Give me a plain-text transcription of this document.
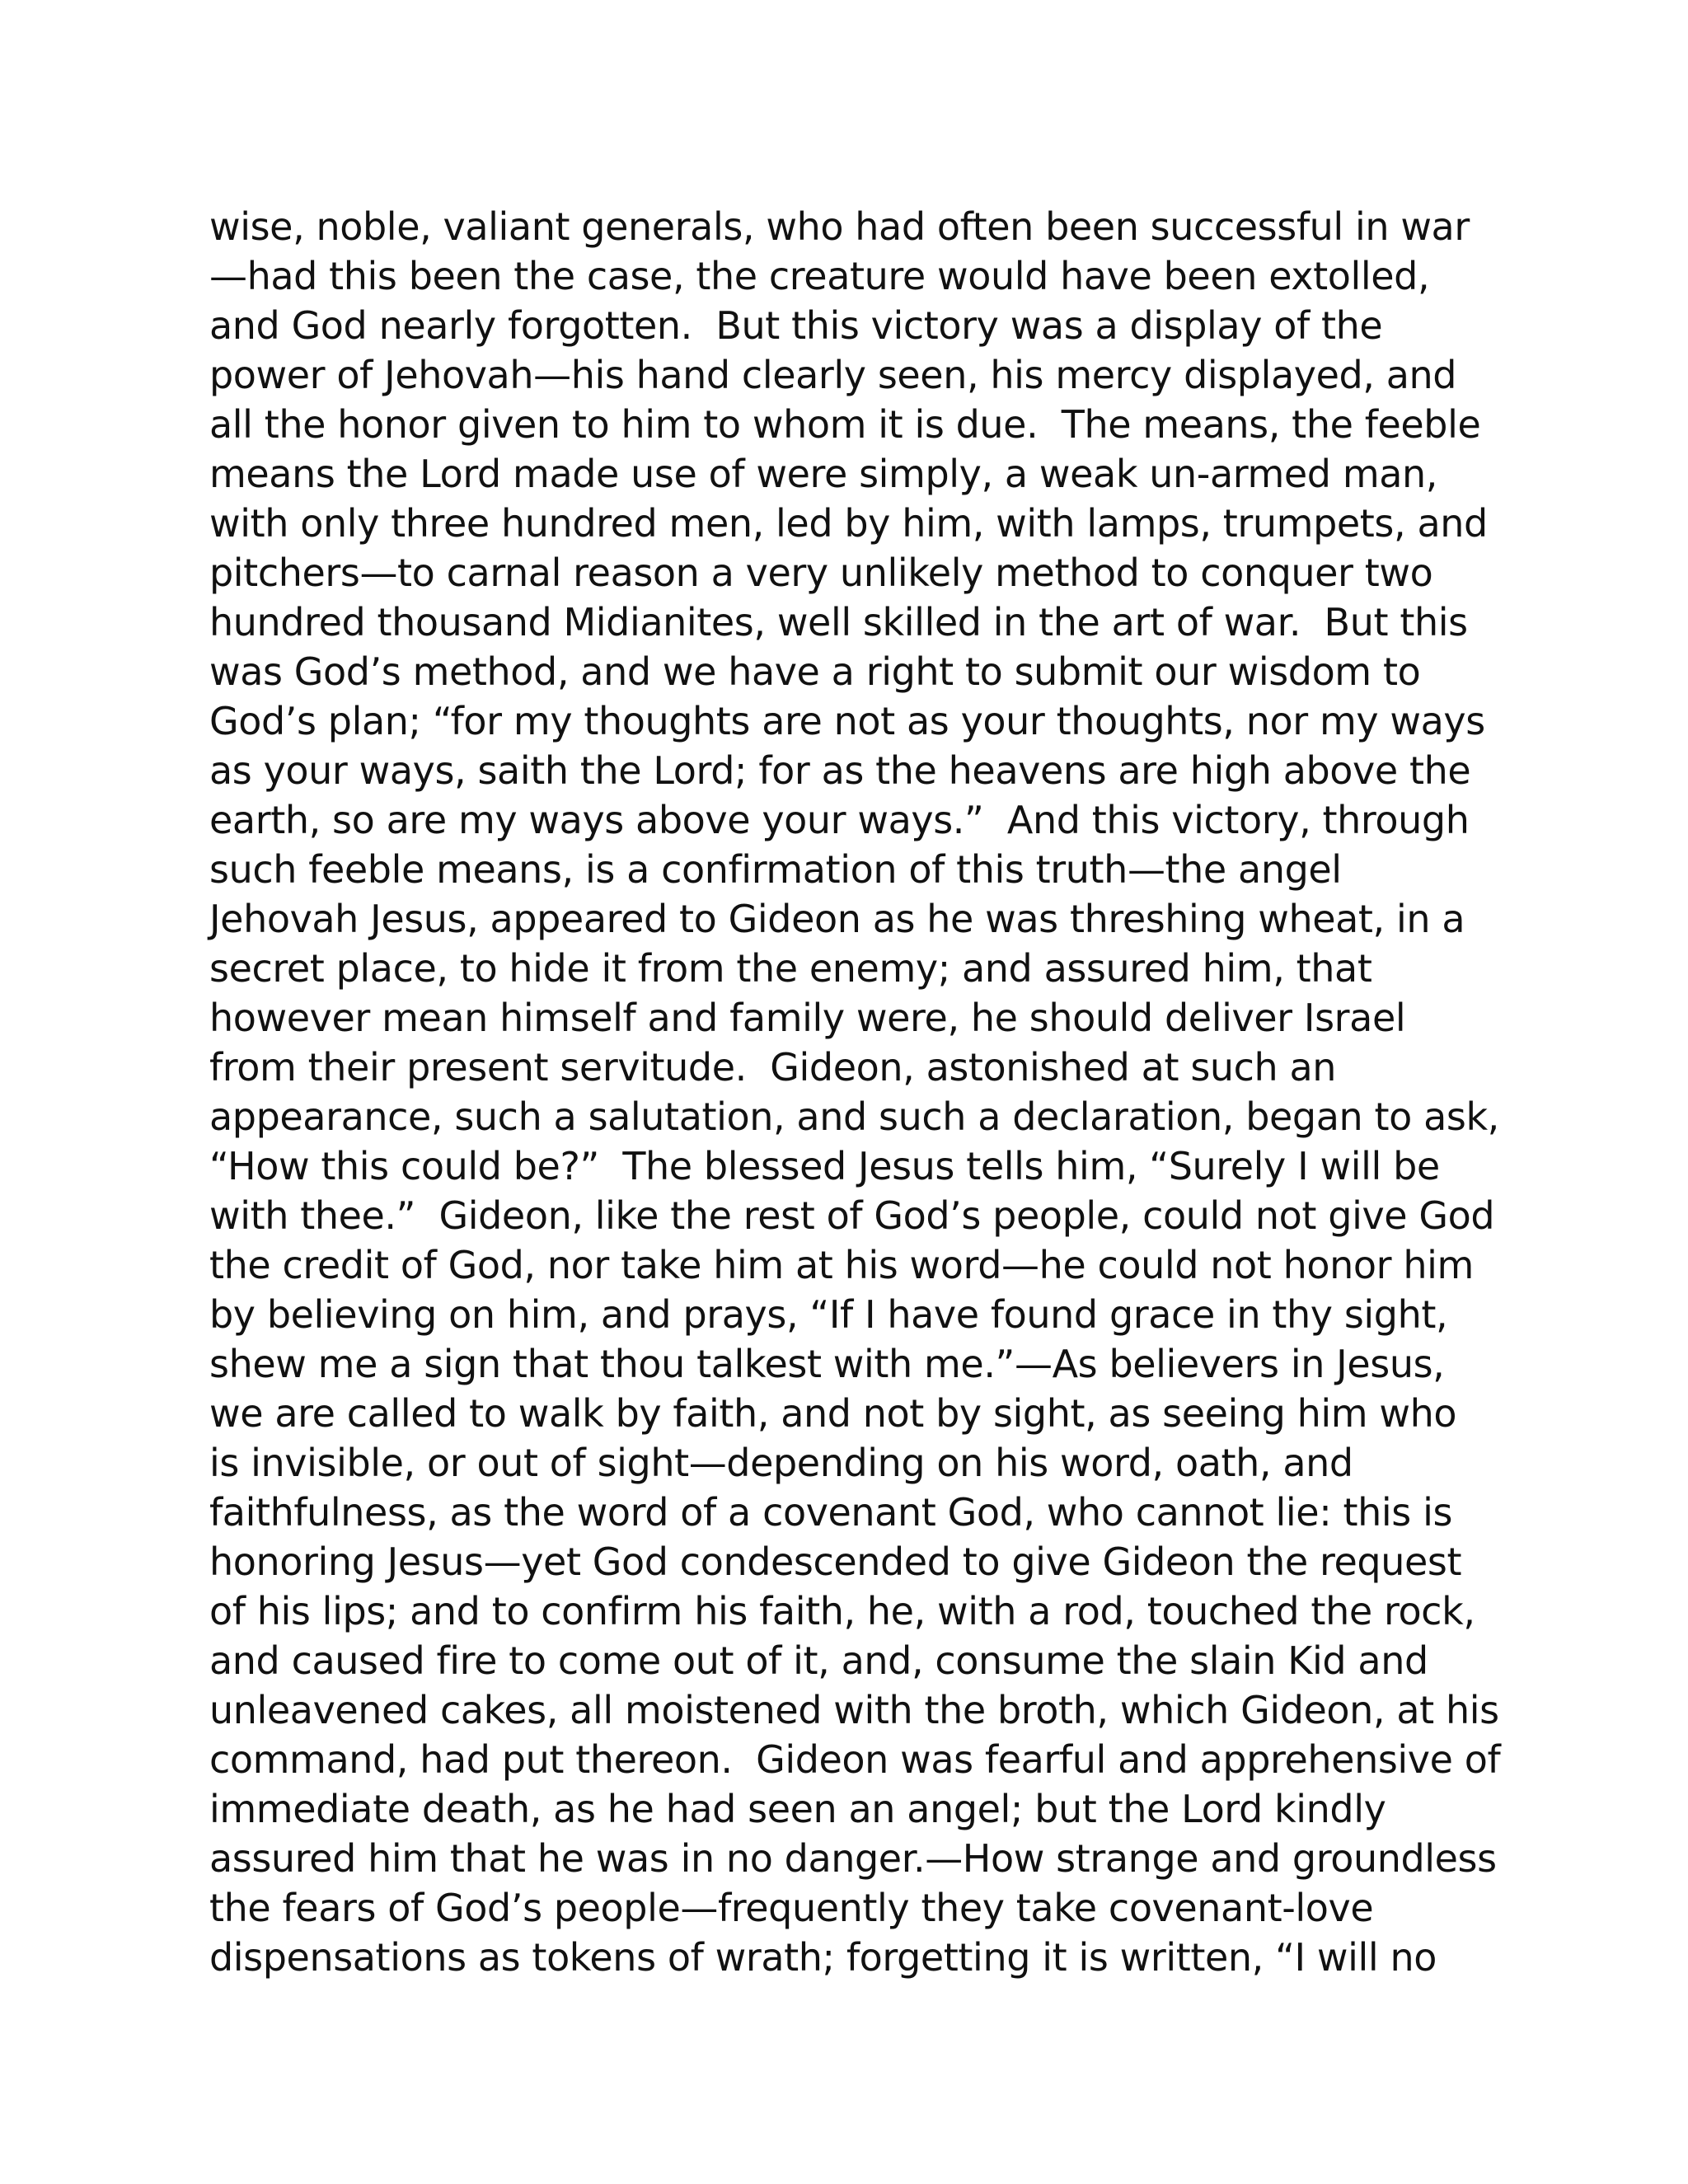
wise, noble, valiant generals, who had often been successful in war
—had this been the case, the creature would have been extolled,
and God nearly forgotten.  But this victory was a display of the
power of Jehovah—his hand clearly seen, his mercy displayed, and
all the honor given to him to whom it is due.  The means, the feeble
means the Lord made use of were simply, a weak un-armed man,
with only three hundred men, led by him, with lamps, trumpets, and
pitchers—to carnal reason a very unlikely method to conquer two
hundred thousand Midianites, well skilled in the art of war.  But this
was God’s method, and we have a right to submit our wisdom to
God’s plan; “for my thoughts are not as your thoughts, nor my ways
as your ways, saith the Lord; for as the heavens are high above the
earth, so are my ways above your ways.”  And this victory, through
such feeble means, is a confirmation of this truth—the angel
Jehovah Jesus, appeared to Gideon as he was threshing wheat, in a
secret place, to hide it from the enemy; and assured him, that
however mean himself and family were, he should deliver Israel
from their present servitude.  Gideon, astonished at such an
appearance, such a salutation, and such a declaration, began to ask,
“How this could be?”  The blessed Jesus tells him, “Surely I will be
with thee.”  Gideon, like the rest of God’s people, could not give God
the credit of God, nor take him at his word—he could not honor him
by believing on him, and prays, “If I have found grace in thy sight,
shew me a sign that thou talkest with me.”—As believers in Jesus,
we are called to walk by faith, and not by sight, as seeing him who
is invisible, or out of sight—depending on his word, oath, and
faithfulness, as the word of a covenant God, who cannot lie: this is
honoring Jesus—yet God condescended to give Gideon the request
of his lips; and to confirm his faith, he, with a rod, touched the rock,
and caused fire to come out of it, and, consume the slain Kid and
unleavened cakes, all moistened with the broth, which Gideon, at his
command, had put thereon.  Gideon was fearful and apprehensive of
immediate death, as he had seen an angel; but the Lord kindly
assured him that he was in no danger.—How strange and groundless
the fears of God’s people—frequently they take covenant-love
dispensations as tokens of wrath; forgetting it is written, “I will no
